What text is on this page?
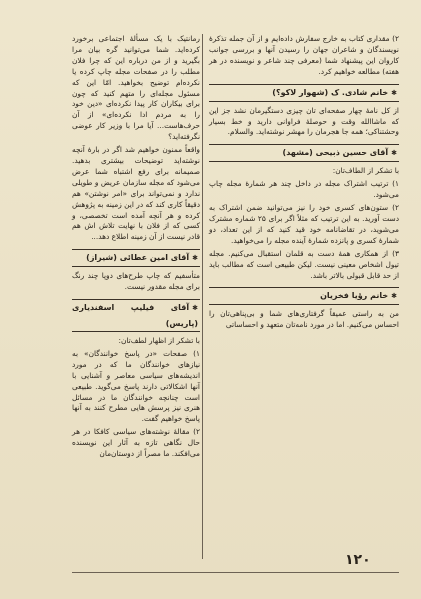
۲) مقداری کتاب به خارج سفارش داده‌ایم و از آن جمله تذکرهٔ نویسندگان و شاعران جهان را رسیدن آنها و بررسی جوانب کاروان این پیشنهاد شما (معرفی چند شاعر و نویسنده در هر هفته) مطالعه خواهیم کرد.

✱خانم شادی. ک (شهوار لاکو؟)

از کل نامهٔ چهار صفحه‌ای تان چیزی دستگیرمان نشد جز این که ماشاالله وقت و حوصلهٔ فراوانی دارید و خط بسیار وحشتناکی؛ همه جا هجرمان را مهشر نوشته‌اید. والسلام.

✱آقای حسین ذبیحی (مشهد)

با تشکر از الطاف‌تان:

۱) ترتیب اشتراک مجله در داخل چند هر شمارهٔ مجله چاپ می‌شود.

۲) ستون‌های کسری خود را نیز می‌توانید ضمن اشتراک به دست آورید. به این ترتیب که مثلاً اگر برای ۲۵ شماره مشترک می‌شوید، در تقاضانامه خود قید کنید که از این تعداد، دو شمارهٔ کسری و پانزده شمارهٔ آینده مجله را می‌خواهید.

۳) از همکاری همهٔ دست به قلمان استقبال می‌کنیم. مجله تیول اشخاص معینی نیست. لیکن طبیعی است که مطالب باید از حد قابل قبولی بالاتر باشد.

✱خانم رؤیا فخریان

من به راستی عمیقاً گرفتاری‌های شما و بی‌پناهی‌تان را احساس می‌کنیم. اما در مورد نامه‌تان متعهد و احساساتی

رمانتیک با یک مسألهٔ اجتماعی برخورد کرده‌اید. شما می‌توانید گره بیان مرا بگیرید و از من درباره این که چرا فلان مطلب را در صفحات مجله چاپ کرده یا نکرده‌ام توضیح بخواهید. امّا این که مسئول مجله‌ای را متهم کنید که چون برای بیکاران کار پیدا نکرده‌ای «دین خود را به مردم ادا نکرده‌ای» از آن حرف‌هاست... آیا مرا با وزیر کار عوضی نگرفته‌اید؟

واقعاً ممنون خواهیم شد اگر در بارهٔ آنچه نوشته‌اید توضیحات بیشتری بدهید. صمیمانه برای رفع اشتباه شما عرض می‌شود که مجله سازمان عریض و طویلی ندارد و نمی‌تواند برای «امر نوشتن» هم دقیقاً کاری کند که در این زمینه به پژوهش کرده و هر آنچه آمده است تخصصی، و کسی که از فلان با نهایت تلاش اش هم قادر نیست از آن زمینه اطلاع دهد...

✱آقای امین عطائی (شیراز)

متأسفیم که چاپ طرح‌های دوپا چند رنگ برای مجله مقدور نیست.

✱آقای فیلیپ اسفندیاری (پاریس)

با تشکر از اظهار لطف‌تان:

۱) صفحات «در پاسخ خوانندگان» به نیازهای خوانندگان ما که در مورد اندیشه‌های سیاسی معاصر و آشنایی با آنها اشکالاتی دارند پاسخ می‌گوید. طبیعی است چنانچه خوانندگان ما در مسائل هنری نیز پرسش هایی مطرح کنند به آنها پاسخ خواهیم گفت.

۲) مقالهٔ نوشته‌های سیاسی کافکا در هر حال نگاهی تازه به آثار این نویسنده می‌افکند. ما مصراً از دوستان‌مان

۱۲۰
